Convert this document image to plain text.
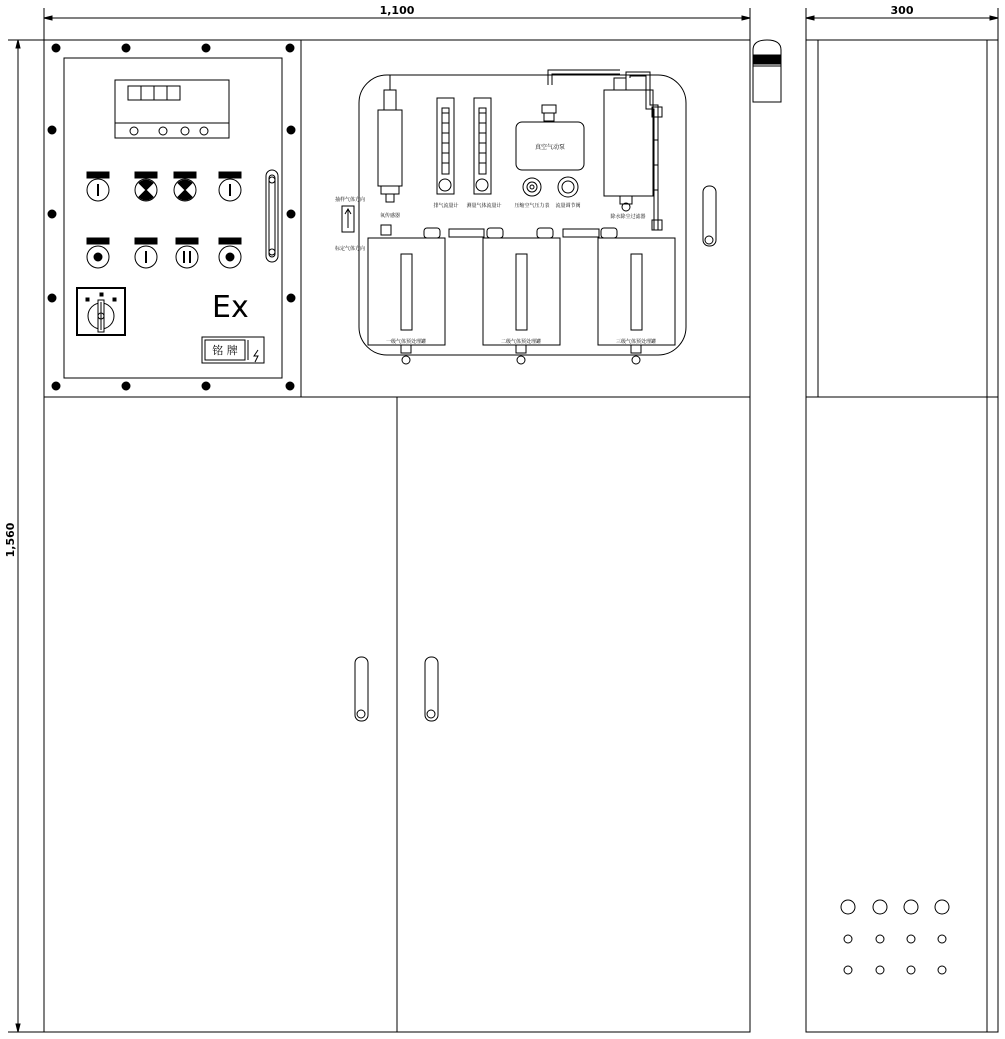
1,100	300
1,560
Ex
铭 牌
抽样气体方向
标定气体方向
氧传感器
排气流量计 测量气体流量计
真空气动泵
压缩空气压力表 流量调节阀
除水除尘过滤器
一级气体预处理罐	二级气体预处理罐	三级气体预处理罐
